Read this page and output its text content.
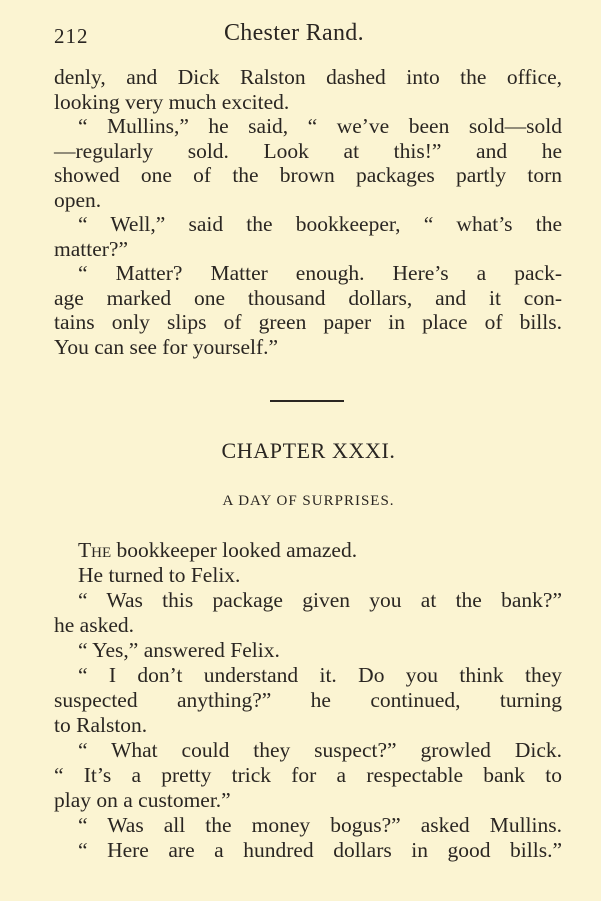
212	Chester Rand.
denly, and Dick Ralston dashed into the office,
looking very much excited.
“ Mullins,” he said, “ we’ve been sold—sold
—regularly sold. Look at this!” and he
showed one of the brown packages partly torn
open.
“ Well,” said the bookkeeper, “ what’s the
matter?”
“ Matter? Matter enough. Here’s a pack-
age marked one thousand dollars, and it con-
tains only slips of green paper in place of bills.
You can see for yourself.”
CHAPTER XXXI.
A DAY OF SURPRISES.
The bookkeeper looked amazed.
He turned to Felix.
“ Was this package given you at the bank?”
he asked.
“ Yes,” answered Felix.
“ I don’t understand it. Do you think they
suspected anything?” he continued, turning
to Ralston.
“ What could they suspect?” growled Dick.
“ It’s a pretty trick for a respectable bank to
play on a customer.”
“ Was all the money bogus?” asked Mullins.
“ Here are a hundred dollars in good bills.”
